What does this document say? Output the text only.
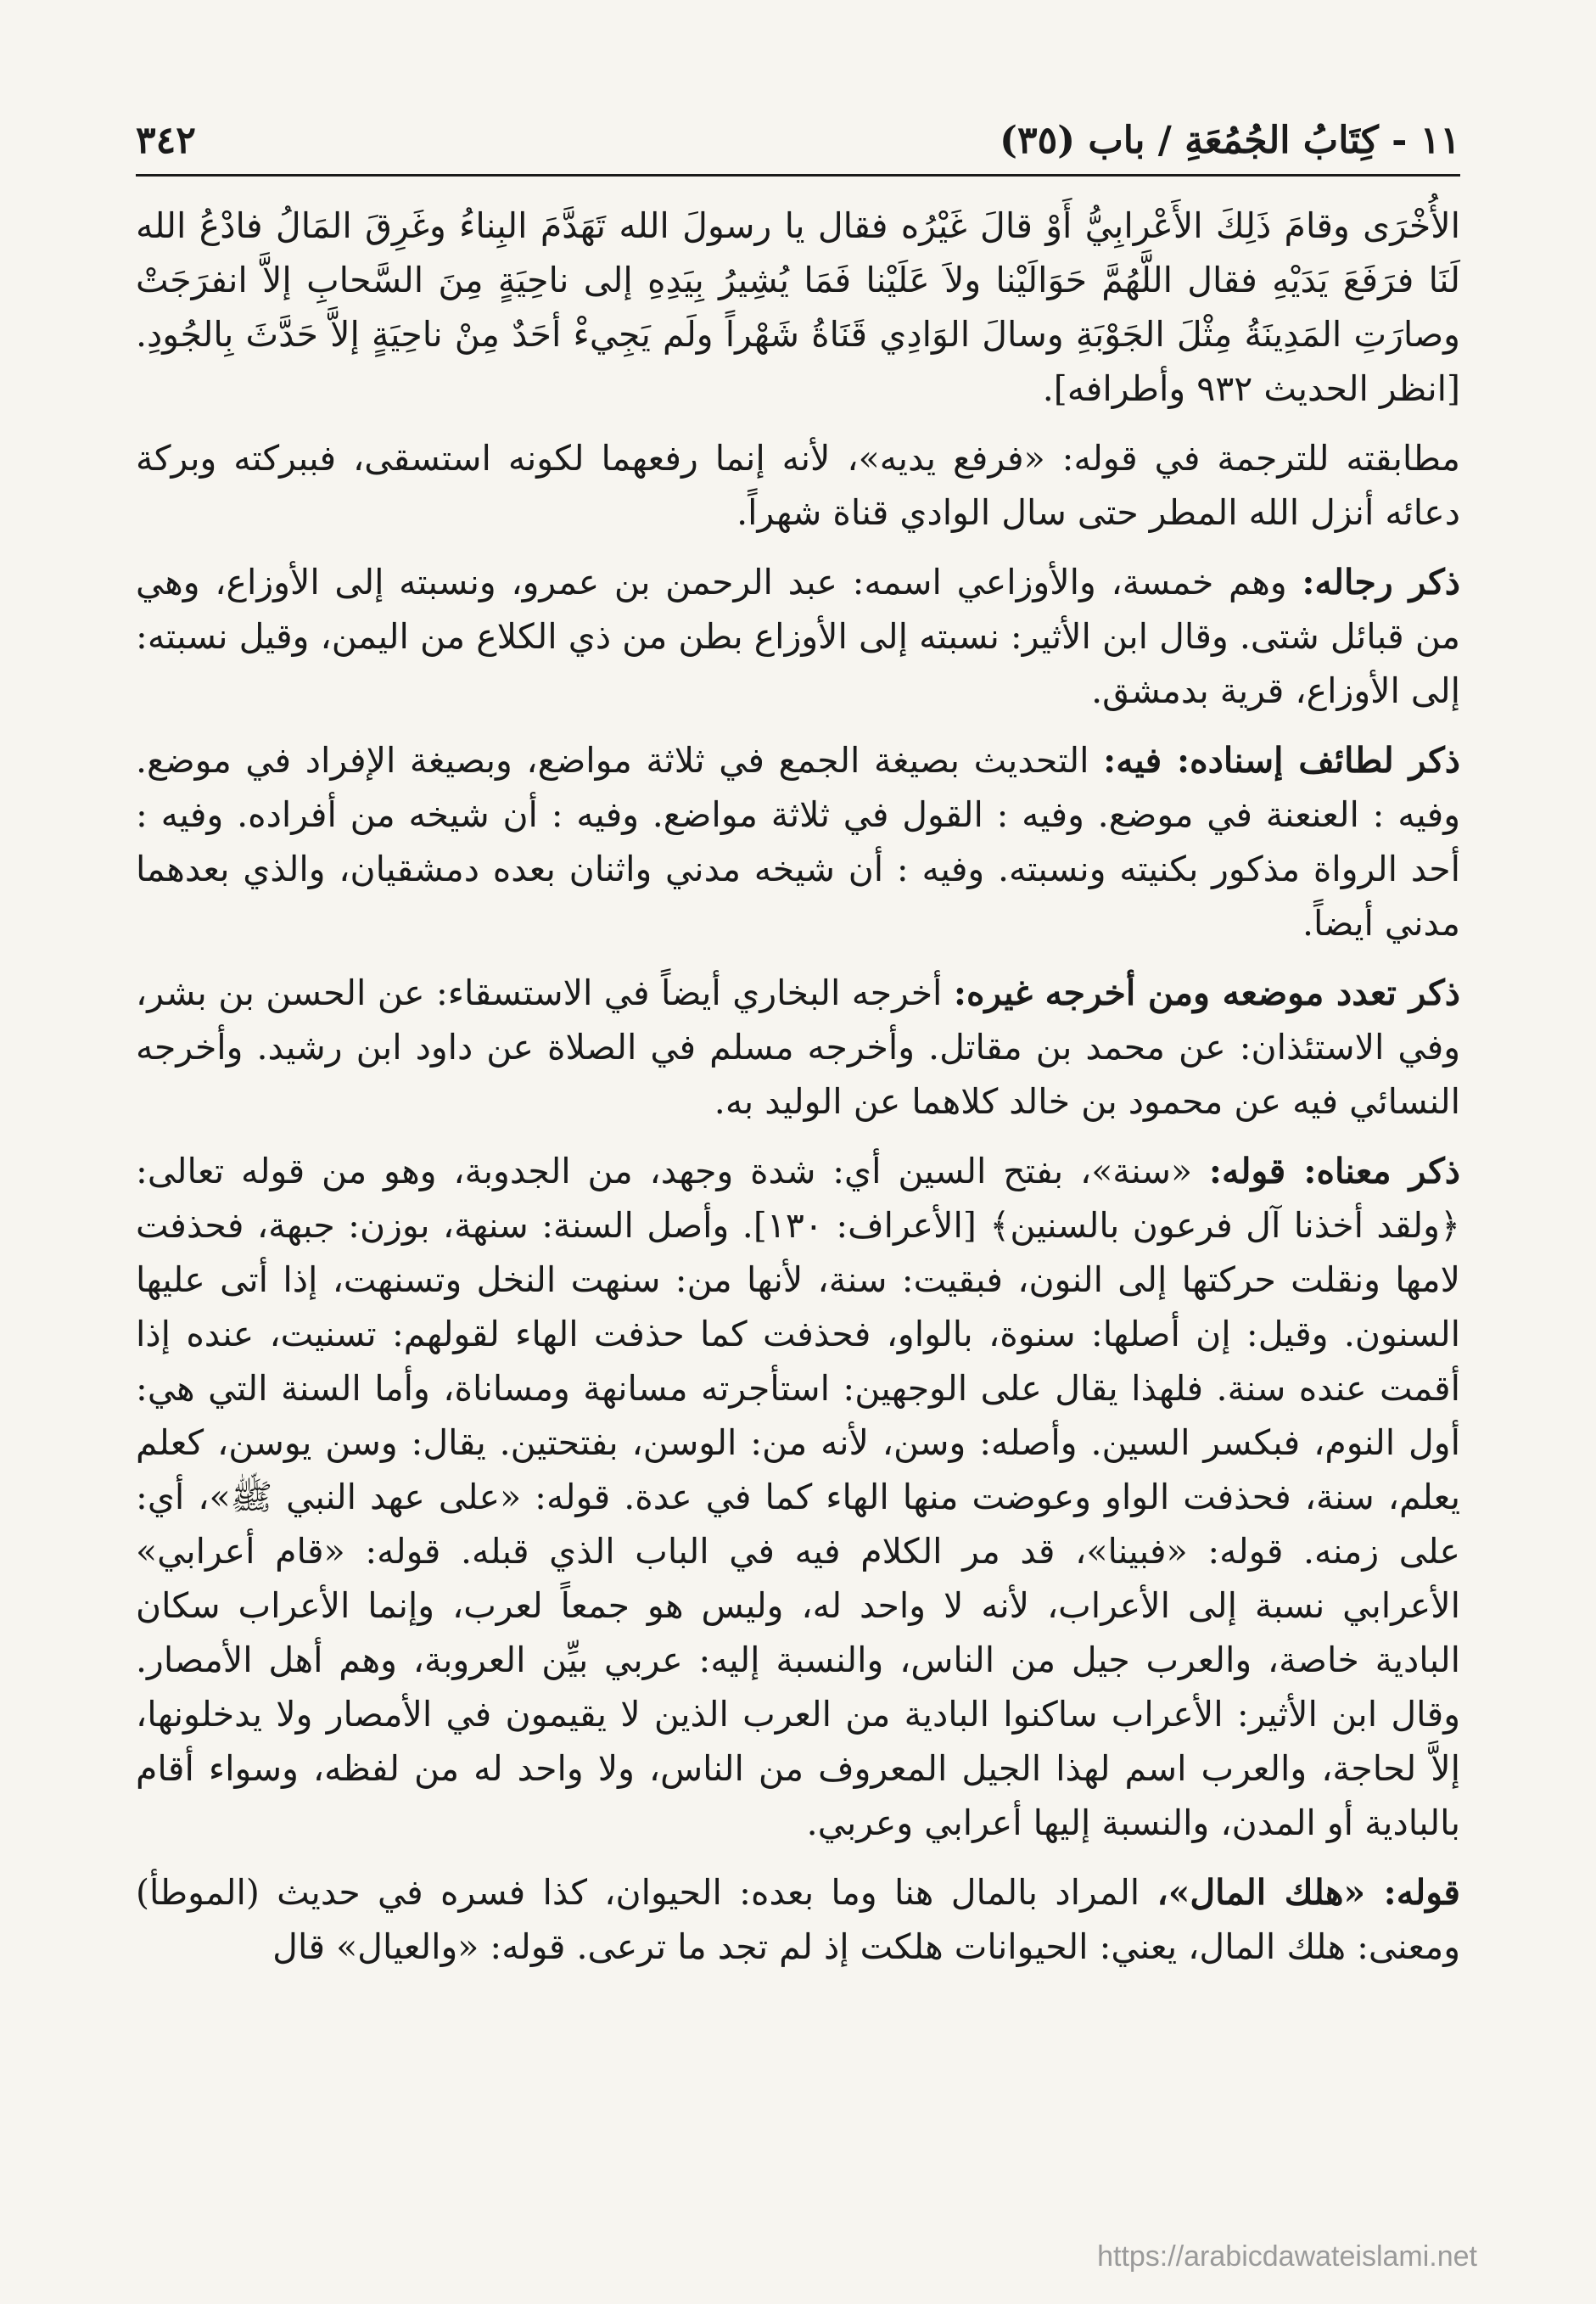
٣٤٢	١١ - كِتَابُ الجُمُعَةِ / باب (٣٥)

الأُخْرَى وقامَ ذَلِكَ الأَعْرابِيُّ أَوْ قالَ غَيْرُه فقال يا رسولَ الله تَهَدَّمَ البِناءُ وغَرِقَ المَالُ فادْعُ الله لَنَا فرَفَعَ يَدَيْهِ فقال اللَّهُمَّ حَوَالَيْنا ولاَ عَلَيْنا فَمَا يُشِيرُ بِيَدِهِ إلى ناحِيَةٍ مِنَ السَّحابِ إلاَّ انفرَجَتْ وصارَتِ المَدِينَةُ مِثْلَ الجَوْبَةِ وسالَ الوَادِي قَنَاةُ شَهْراً ولَم يَجِيءْ أحَدٌ مِنْ ناحِيَةٍ إلاَّ حَدَّثَ بِالجُودِ. [انظر الحديث ٩٣٢ وأطرافه].

مطابقته للترجمة في قوله: «فرفع يديه»، لأنه إنما رفعهما لكونه استسقى، فببركته وبركة دعائه أنزل الله المطر حتى سال الوادي قناة شهراً.

ذكر رجاله: وهم خمسة، والأوزاعي اسمه: عبد الرحمن بن عمرو، ونسبته إلى الأوزاع، وهي من قبائل شتى. وقال ابن الأثير: نسبته إلى الأوزاع بطن من ذي الكلاع من اليمن، وقيل نسبته: إلى الأوزاع، قرية بدمشق.

ذكر لطائف إسناده: فيه: التحديث بصيغة الجمع في ثلاثة مواضع، وبصيغة الإفراد في موضع. وفيه : العنعنة في موضع. وفيه : القول في ثلاثة مواضع. وفيه : أن شيخه من أفراده. وفيه : أحد الرواة مذكور بكنيته ونسبته. وفيه : أن شيخه مدني واثنان بعده دمشقيان، والذي بعدهما مدني أيضاً.

ذكر تعدد موضعه ومن أخرجه غيره: أخرجه البخاري أيضاً في الاستسقاء: عن الحسن بن بشر، وفي الاستئذان: عن محمد بن مقاتل. وأخرجه مسلم في الصلاة عن داود ابن رشيد. وأخرجه النسائي فيه عن محمود بن خالد كلاهما عن الوليد به.

ذكر معناه: قوله: «سنة»، بفتح السين أي: شدة وجهد، من الجدوبة، وهو من قوله تعالى: ﴿ولقد أخذنا آل فرعون بالسنين﴾ [الأعراف: ١٣٠]. وأصل السنة: سنهة، بوزن: جبهة، فحذفت لامها ونقلت حركتها إلى النون، فبقيت: سنة، لأنها من: سنهت النخل وتسنهت، إذا أتى عليها السنون. وقيل: إن أصلها: سنوة، بالواو، فحذفت كما حذفت الهاء لقولهم: تسنيت، عنده إذا أقمت عنده سنة. فلهذا يقال على الوجهين: استأجرته مسانهة ومساناة، وأما السنة التي هي: أول النوم، فبكسر السين. وأصله: وسن، لأنه من: الوسن، بفتحتين. يقال: وسن يوسن، كعلم يعلم، سنة، فحذفت الواو وعوضت منها الهاء كما في عدة. قوله: «على عهد النبي ﷺ»، أي: على زمنه. قوله: «فبينا»، قد مر الكلام فيه في الباب الذي قبله. قوله: «قام أعرابي» الأعرابي نسبة إلى الأعراب، لأنه لا واحد له، وليس هو جمعاً لعرب، وإنما الأعراب سكان البادية خاصة، والعرب جيل من الناس، والنسبة إليه: عربي بيِّن العروبة، وهم أهل الأمصار. وقال ابن الأثير: الأعراب ساكنوا البادية من العرب الذين لا يقيمون في الأمصار ولا يدخلونها، إلاَّ لحاجة، والعرب اسم لهذا الجيل المعروف من الناس، ولا واحد له من لفظه، وسواء أقام بالبادية أو المدن، والنسبة إليها أعرابي وعربي.

قوله: «هلك المال»، المراد بالمال هنا وما بعده: الحيوان، كذا فسره في حديث (الموطأ) ومعنى: هلك المال، يعني: الحيوانات هلكت إذ لم تجد ما ترعى. قوله: «والعيال» قال

https://arabicdawateislami.net
